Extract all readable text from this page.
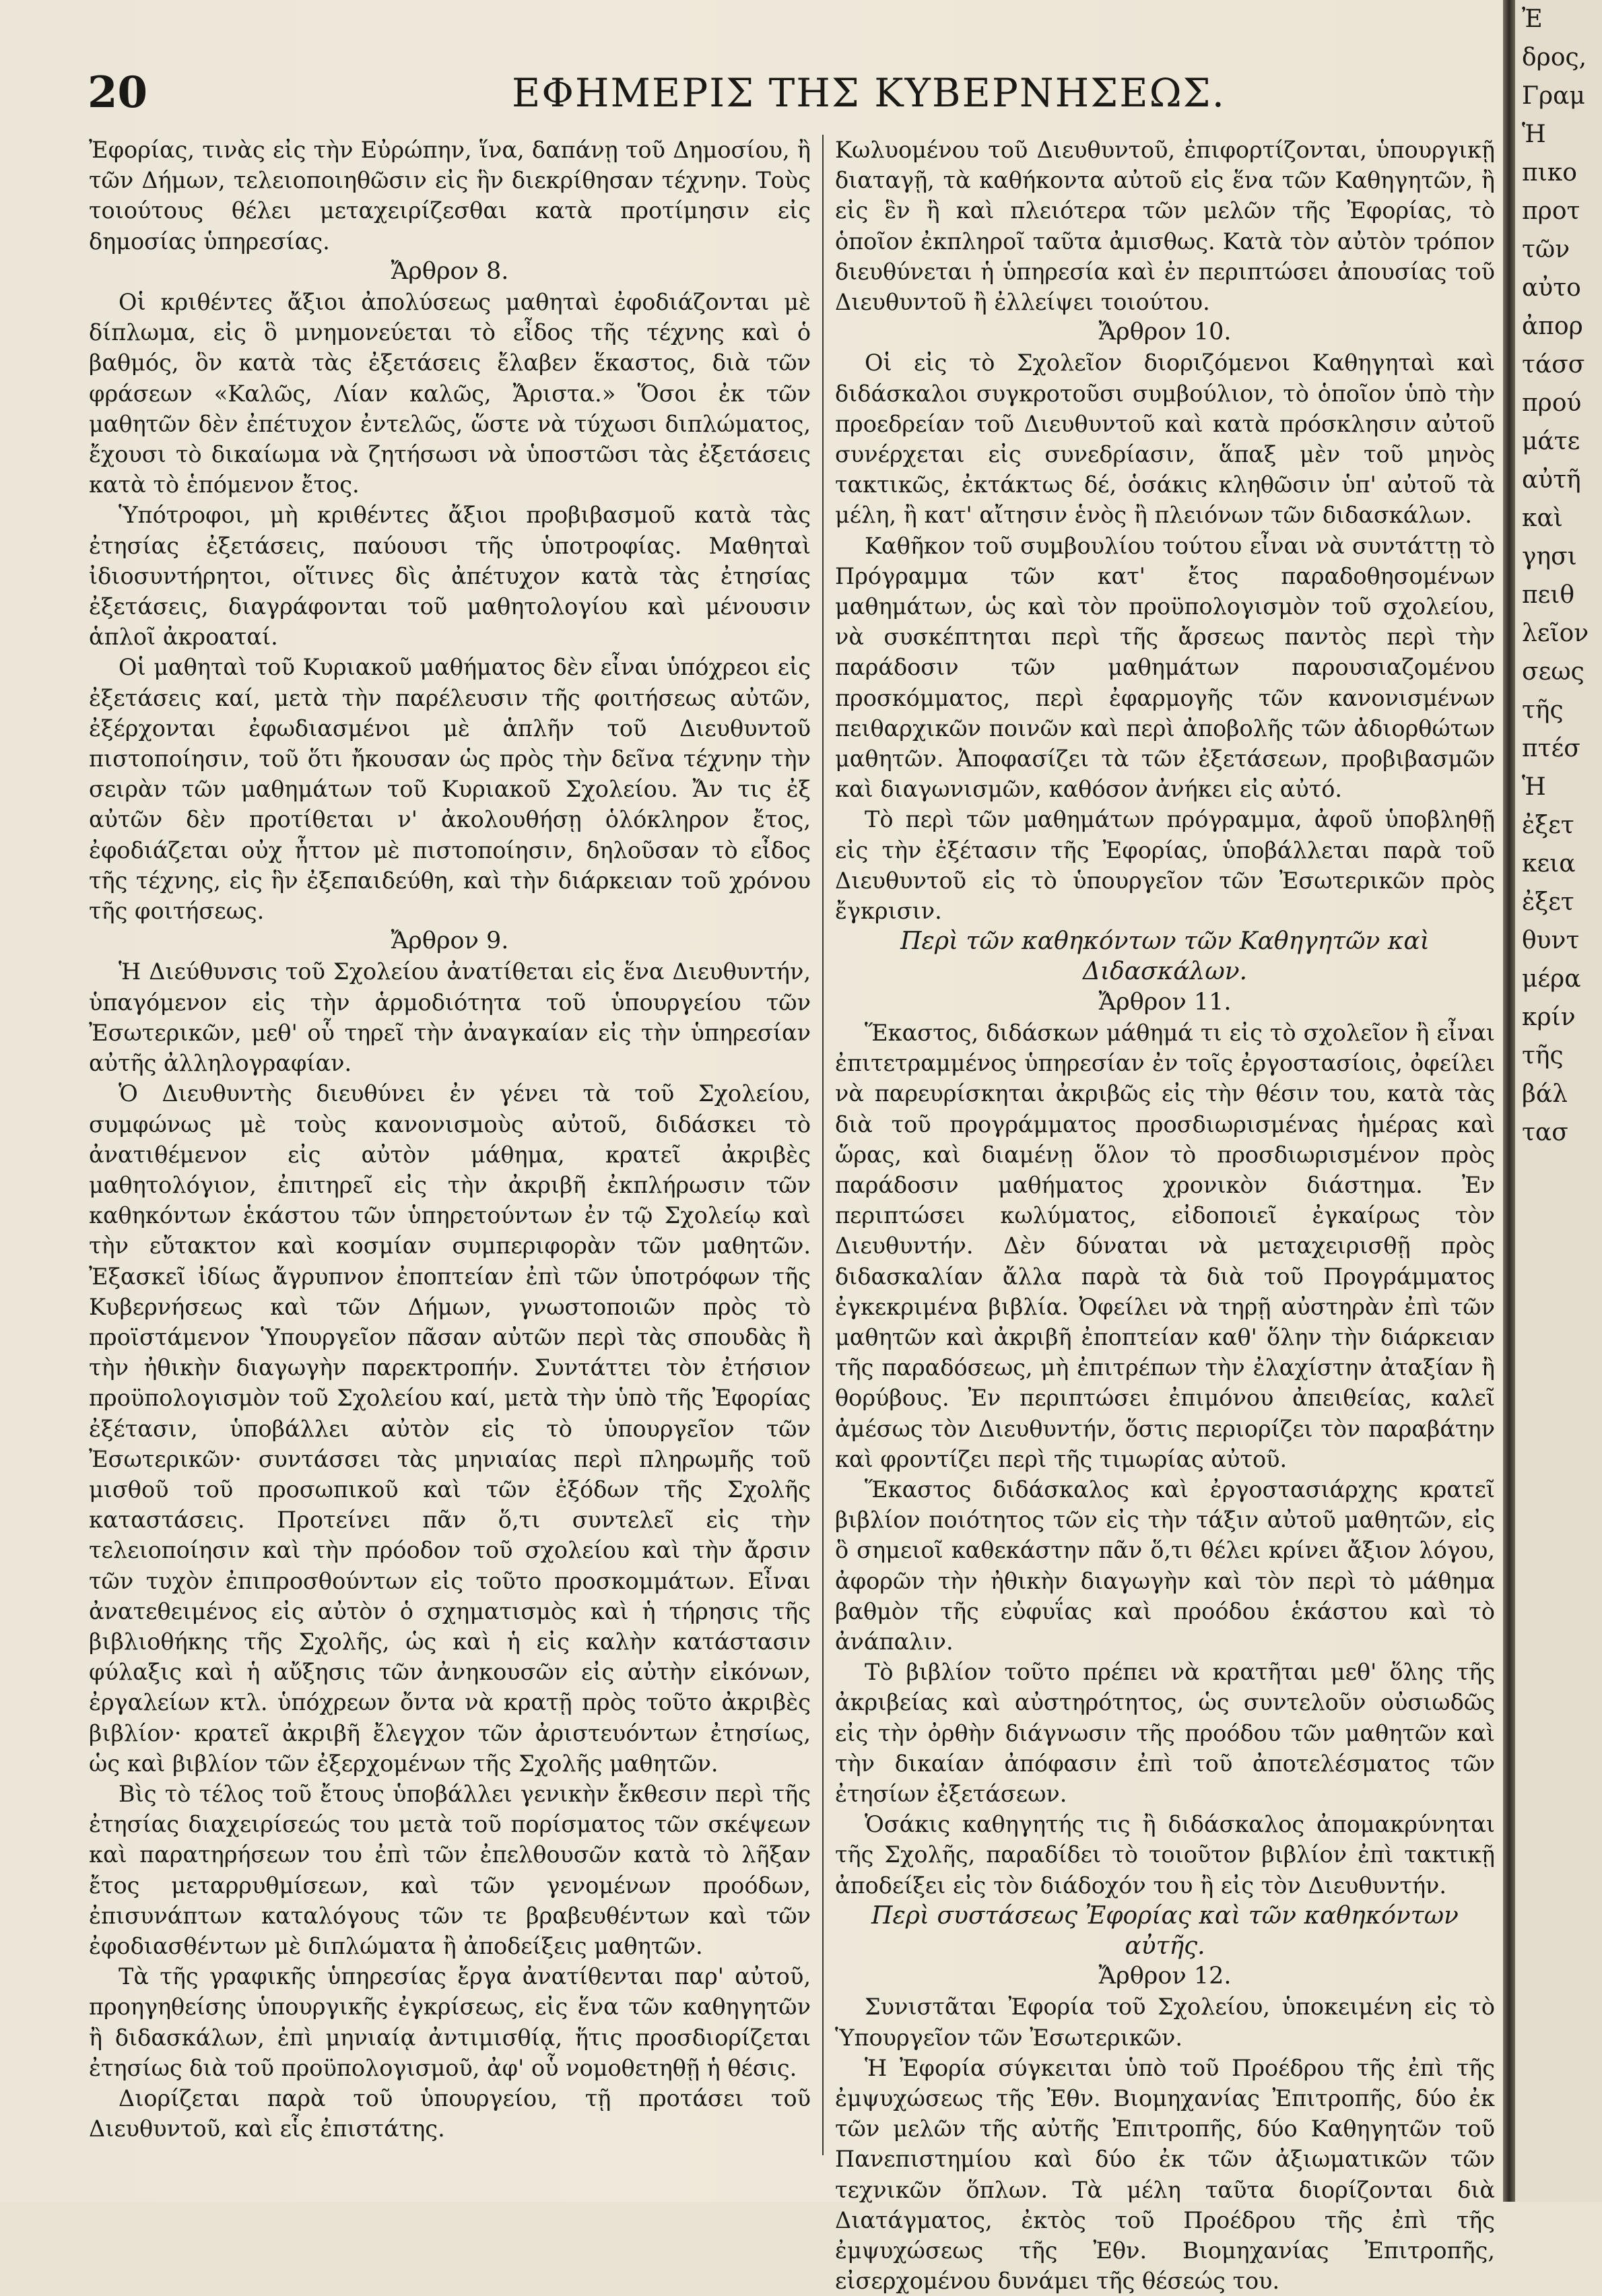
20	ΕΦΗΜΕΡΙΣ ΤΗΣ ΚΥΒΕΡΝΗΣΕΩΣ.

Ἐφορίας, τινὰς εἰς τὴν Εὐρώπην, ἵνα, δαπάνῃ τοῦ Δημοσίου, ἢ τῶν Δήμων, τελειοποιηθῶσιν εἰς ἣν διεκρίθησαν τέχνην. Τοὺς τοιούτους θέλει μεταχειρίζεσθαι κατὰ προτίμησιν εἰς δημοσίας ὑπηρεσίας.

Ἄρθρον 8.

Οἱ κριθέντες ἄξιοι ἀπολύσεως μαθηταὶ ἐφοδιάζονται μὲ δίπλωμα, εἰς ὃ μνημονεύεται τὸ εἶδος τῆς τέχνης καὶ ὁ βαθμός, ὃν κατὰ τὰς ἐξετάσεις ἔλαβεν ἕκαστος, διὰ τῶν φράσεων «Καλῶς, Λίαν καλῶς, Ἄριστα.» Ὅσοι ἐκ τῶν μαθητῶν δὲν ἐπέτυχον ἐντελῶς, ὥστε νὰ τύχωσι διπλώματος, ἔχουσι τὸ δικαίωμα νὰ ζητήσωσι νὰ ὑποστῶσι τὰς ἐξετάσεις κατὰ τὸ ἑπόμενον ἔτος.

Ὑπότροφοι, μὴ κριθέντες ἄξιοι προβιβασμοῦ κατὰ τὰς ἐτησίας ἐξετάσεις, παύουσι τῆς ὑποτροφίας. Μαθηταὶ ἰδιοσυντήρητοι, οἵτινες δὶς ἀπέτυχον κατὰ τὰς ἐτησίας ἐξετάσεις, διαγράφονται τοῦ μαθητολογίου καὶ μένουσιν ἁπλοῖ ἀκροαταί.

Οἱ μαθηταὶ τοῦ Κυριακοῦ μαθήματος δὲν εἶναι ὑπόχρεοι εἰς ἐξετάσεις καί, μετὰ τὴν παρέλευσιν τῆς φοιτήσεως αὐτῶν, ἐξέρχονται ἐφωδιασμένοι μὲ ἁπλῆν τοῦ Διευθυντοῦ πιστοποίησιν, τοῦ ὅτι ἤκουσαν ὡς πρὸς τὴν δεῖνα τέχνην τὴν σειρὰν τῶν μαθημάτων τοῦ Κυριακοῦ Σχολείου. Ἄν τις ἐξ αὐτῶν δὲν προτίθεται ν' ἀκολουθήσῃ ὁλόκληρον ἔτος, ἐφοδιάζεται οὐχ ἧττον μὲ πιστοποίησιν, δηλοῦσαν τὸ εἶδος τῆς τέχνης, εἰς ἣν ἐξεπαιδεύθη, καὶ τὴν διάρκειαν τοῦ χρόνου τῆς φοιτήσεως.

Ἄρθρον 9.

Ἡ Διεύθυνσις τοῦ Σχολείου ἀνατίθεται εἰς ἕνα Διευθυντήν, ὑπαγόμενον εἰς τὴν ἁρμοδιότητα τοῦ ὑπουργείου τῶν Ἐσωτερικῶν, μεθ' οὗ τηρεῖ τὴν ἀναγκαίαν εἰς τὴν ὑπηρεσίαν αὐτῆς ἀλληλογραφίαν.

Ὁ Διευθυντὴς διευθύνει ἐν γένει τὰ τοῦ Σχολείου, συμφώνως μὲ τοὺς κανονισμοὺς αὐτοῦ, διδάσκει τὸ ἀνατιθέμενον εἰς αὐτὸν μάθημα, κρατεῖ ἀκριβὲς μαθητολόγιον, ἐπιτηρεῖ εἰς τὴν ἀκριβῆ ἐκπλήρωσιν τῶν καθηκόντων ἑκάστου τῶν ὑπηρετούντων ἐν τῷ Σχολείῳ καὶ τὴν εὔτακτον καὶ κοσμίαν συμπεριφορὰν τῶν μαθητῶν. Ἐξασκεῖ ἰδίως ἄγρυπνον ἐποπτείαν ἐπὶ τῶν ὑποτρόφων τῆς Κυβερνήσεως καὶ τῶν Δήμων, γνωστοποιῶν πρὸς τὸ προϊστάμενον Ὑπουργεῖον πᾶσαν αὐτῶν περὶ τὰς σπουδὰς ἢ τὴν ἠθικὴν διαγωγὴν παρεκτροπήν. Συντάττει τὸν ἐτήσιον προϋπολογισμὸν τοῦ Σχολείου καί, μετὰ τὴν ὑπὸ τῆς Ἐφορίας ἐξέτασιν, ὑποβάλλει αὐτὸν εἰς τὸ ὑπουργεῖον τῶν Ἐσωτερικῶν· συντάσσει τὰς μηνιαίας περὶ πληρωμῆς τοῦ μισθοῦ τοῦ προσωπικοῦ καὶ τῶν ἐξόδων τῆς Σχολῆς καταστάσεις. Προτείνει πᾶν ὅ,τι συντελεῖ εἰς τὴν τελειοποίησιν καὶ τὴν πρόοδον τοῦ σχολείου καὶ τὴν ἄρσιν τῶν τυχὸν ἐπιπροσθούντων εἰς τοῦτο προσκομμάτων. Εἶναι ἀνατεθειμένος εἰς αὐτὸν ὁ σχηματισμὸς καὶ ἡ τήρησις τῆς βιβλιοθήκης τῆς Σχολῆς, ὡς καὶ ἡ εἰς καλὴν κατάστασιν φύλαξις καὶ ἡ αὔξησις τῶν ἀνηκουσῶν εἰς αὐτὴν εἰκόνων, ἐργαλείων κτλ. ὑπόχρεων ὄντα νὰ κρατῇ πρὸς τοῦτο ἀκριβὲς βιβλίον· κρατεῖ ἀκριβῆ ἔλεγχον τῶν ἀριστευόντων ἐτησίως, ὡς καὶ βιβλίον τῶν ἐξερχομένων τῆς Σχολῆς μαθητῶν.

Βὶς τὸ τέλος τοῦ ἔτους ὑποβάλλει γενικὴν ἔκθεσιν περὶ τῆς ἐτησίας διαχειρίσεώς του μετὰ τοῦ πορίσματος τῶν σκέψεων καὶ παρατηρήσεων του ἐπὶ τῶν ἐπελθουσῶν κατὰ τὸ λῆξαν ἔτος μεταρρυθμίσεων, καὶ τῶν γενομένων προόδων, ἐπισυνάπτων καταλόγους τῶν τε βραβευθέντων καὶ τῶν ἐφοδιασθέντων μὲ διπλώματα ἢ ἀποδείξεις μαθητῶν.

Τὰ τῆς γραφικῆς ὑπηρεσίας ἔργα ἀνατίθενται παρ' αὐτοῦ, προηγηθείσης ὑπουργικῆς ἐγκρίσεως, εἰς ἕνα τῶν καθηγητῶν ἢ διδασκάλων, ἐπὶ μηνιαίᾳ ἀντιμισθίᾳ, ἥτις προσδιορίζεται ἐτησίως διὰ τοῦ προϋπολογισμοῦ, ἀφ' οὗ νομοθετηθῇ ἡ θέσις.

Διορίζεται παρὰ τοῦ ὑπουργείου, τῇ προτάσει τοῦ Διευθυντοῦ, καὶ εἷς ἐπιστάτης.

Κωλυομένου τοῦ Διευθυντοῦ, ἐπιφορτίζονται, ὑπουργικῇ διαταγῇ, τὰ καθήκοντα αὐτοῦ εἰς ἕνα τῶν Καθηγητῶν, ἢ εἰς ἓν ἢ καὶ πλειότερα τῶν μελῶν τῆς Ἐφορίας, τὸ ὁποῖον ἐκπληροῖ ταῦτα ἀμισθως. Κατὰ τὸν αὐτὸν τρόπον διευθύνεται ἡ ὑπηρεσία καὶ ἐν περιπτώσει ἀπουσίας τοῦ Διευθυντοῦ ἢ ἐλλείψει τοιούτου.

Ἄρθρον 10.

Οἱ εἰς τὸ Σχολεῖον διοριζόμενοι Καθηγηταὶ καὶ διδάσκαλοι συγκροτοῦσι συμβούλιον, τὸ ὁποῖον ὑπὸ τὴν προεδρείαν τοῦ Διευθυντοῦ καὶ κατὰ πρόσκλησιν αὐτοῦ συνέρχεται εἰς συνεδρίασιν, ἅπαξ μὲν τοῦ μηνὸς τακτικῶς, ἐκτάκτως δέ, ὁσάκις κληθῶσιν ὑπ' αὐτοῦ τὰ μέλη, ἢ κατ' αἴτησιν ἑνὸς ἢ πλειόνων τῶν διδασκάλων.

Καθῆκον τοῦ συμβουλίου τούτου εἶναι νὰ συντάττῃ τὸ Πρόγραμμα τῶν κατ' ἔτος παραδοθησομένων μαθημάτων, ὡς καὶ τὸν προϋπολογισμὸν τοῦ σχολείου, νὰ συσκέπτηται περὶ τῆς ἄρσεως παντὸς περὶ τὴν παράδοσιν τῶν μαθημάτων παρουσιαζομένου προσκόμματος, περὶ ἐφαρμογῆς τῶν κανονισμένων πειθαρχικῶν ποινῶν καὶ περὶ ἀποβολῆς τῶν ἀδιορθώτων μαθητῶν. Ἀποφασίζει τὰ τῶν ἐξετάσεων, προβιβασμῶν καὶ διαγωνισμῶν, καθόσον ἀνήκει εἰς αὐτό.

Τὸ περὶ τῶν μαθημάτων πρόγραμμα, ἀφοῦ ὑποβληθῇ εἰς τὴν ἐξέτασιν τῆς Ἐφορίας, ὑποβάλλεται παρὰ τοῦ Διευθυντοῦ εἰς τὸ ὑπουργεῖον τῶν Ἐσωτερικῶν πρὸς ἔγκρισιν.

Περὶ τῶν καθηκόντων τῶν Καθηγητῶν καὶ Διδασκάλων.

Ἄρθρον 11.

Ἕκαστος, διδάσκων μάθημά τι εἰς τὸ σχολεῖον ἢ εἶναι ἐπιτετραμμένος ὑπηρεσίαν ἐν τοῖς ἐργοστασίοις, ὀφείλει νὰ παρευρίσκηται ἀκριβῶς εἰς τὴν θέσιν του, κατὰ τὰς διὰ τοῦ προγράμματος προσδιωρισμένας ἡμέρας καὶ ὥρας, καὶ διαμένῃ ὅλον τὸ προσδιωρισμένον πρὸς παράδοσιν μαθήματος χρονικὸν διάστημα. Ἐν περιπτώσει κωλύματος, εἰδοποιεῖ ἐγκαίρως τὸν Διευθυντήν. Δὲν δύναται νὰ μεταχειρισθῇ πρὸς διδασκαλίαν ἄλλα παρὰ τὰ διὰ τοῦ Προγράμματος ἐγκεκριμένα βιβλία. Ὀφείλει νὰ τηρῇ αὐστηρὰν ἐπὶ τῶν μαθητῶν καὶ ἀκριβῆ ἐποπτείαν καθ' ὅλην τὴν διάρκειαν τῆς παραδόσεως, μὴ ἐπιτρέπων τὴν ἐλαχίστην ἀταξίαν ἢ θορύβους. Ἐν περιπτώσει ἐπιμόνου ἀπειθείας, καλεῖ ἀμέσως τὸν Διευθυντήν, ὅστις περιορίζει τὸν παραβάτην καὶ φροντίζει περὶ τῆς τιμωρίας αὐτοῦ.

Ἕκαστος διδάσκαλος καὶ ἐργοστασιάρχης κρατεῖ βιβλίον ποιότητος τῶν εἰς τὴν τάξιν αὐτοῦ μαθητῶν, εἰς ὃ σημειοῖ καθεκάστην πᾶν ὅ,τι θέλει κρίνει ἄξιον λόγου, ἀφορῶν τὴν ἠθικὴν διαγωγὴν καὶ τὸν περὶ τὸ μάθημα βαθμὸν τῆς εὐφυΐας καὶ προόδου ἑκάστου καὶ τὸ ἀνάπαλιν.

Τὸ βιβλίον τοῦτο πρέπει νὰ κρατῆται μεθ' ὅλης τῆς ἀκριβείας καὶ αὐστηρότητος, ὡς συντελοῦν οὐσιωδῶς εἰς τὴν ὀρθὴν διάγνωσιν τῆς προόδου τῶν μαθητῶν καὶ τὴν δικαίαν ἀπόφασιν ἐπὶ τοῦ ἀποτελέσματος τῶν ἐτησίων ἐξετάσεων.

Ὁσάκις καθηγητής τις ἢ διδάσκαλος ἀπομακρύνηται τῆς Σχολῆς, παραδίδει τὸ τοιοῦτον βιβλίον ἐπὶ τακτικῇ ἀποδείξει εἰς τὸν διάδοχόν του ἢ εἰς τὸν Διευθυντήν.

Περὶ συστάσεως Ἐφορίας καὶ τῶν καθηκόντων αὐτῆς.

Ἄρθρον 12.

Συνιστᾶται Ἐφορία τοῦ Σχολείου, ὑποκειμένη εἰς τὸ Ὑπουργεῖον τῶν Ἐσωτερικῶν.

Ἡ Ἐφορία σύγκειται ὑπὸ τοῦ Προέδρου τῆς ἐπὶ τῆς ἐμψυχώσεως τῆς Ἐθν. Βιομηχανίας Ἐπιτροπῆς, δύο ἐκ τῶν μελῶν τῆς αὐτῆς Ἐπιτροπῆς, δύο Καθηγητῶν τοῦ Πανεπιστημίου καὶ δύο ἐκ τῶν ἀξιωματικῶν τῶν τεχνικῶν ὅπλων. Τὰ μέλη ταῦτα διορίζονται διὰ Διατάγματος, ἐκτὸς τοῦ Προέδρου τῆς ἐπὶ τῆς ἐμψυχώσεως τῆς Ἐθν. Βιομηχανίας Ἐπιτροπῆς, εἰσερχομένου δυνάμει τῆς θέσεώς του.

Ἐ

δρος,

Γραμ

Ἡ

πικο

προτ

τῶν

αὐτο

ἀπορ

τάσσ

πρού

μάτε

αὐτῆ

καὶ

γησι

πειθ

λεῖον

σεως

τῆς

πτέσ

Ἡ

ἐξετ

κεια

ἐξετ

θυντ

μέρα

κρίν

τῆς

βάλ

τασ
